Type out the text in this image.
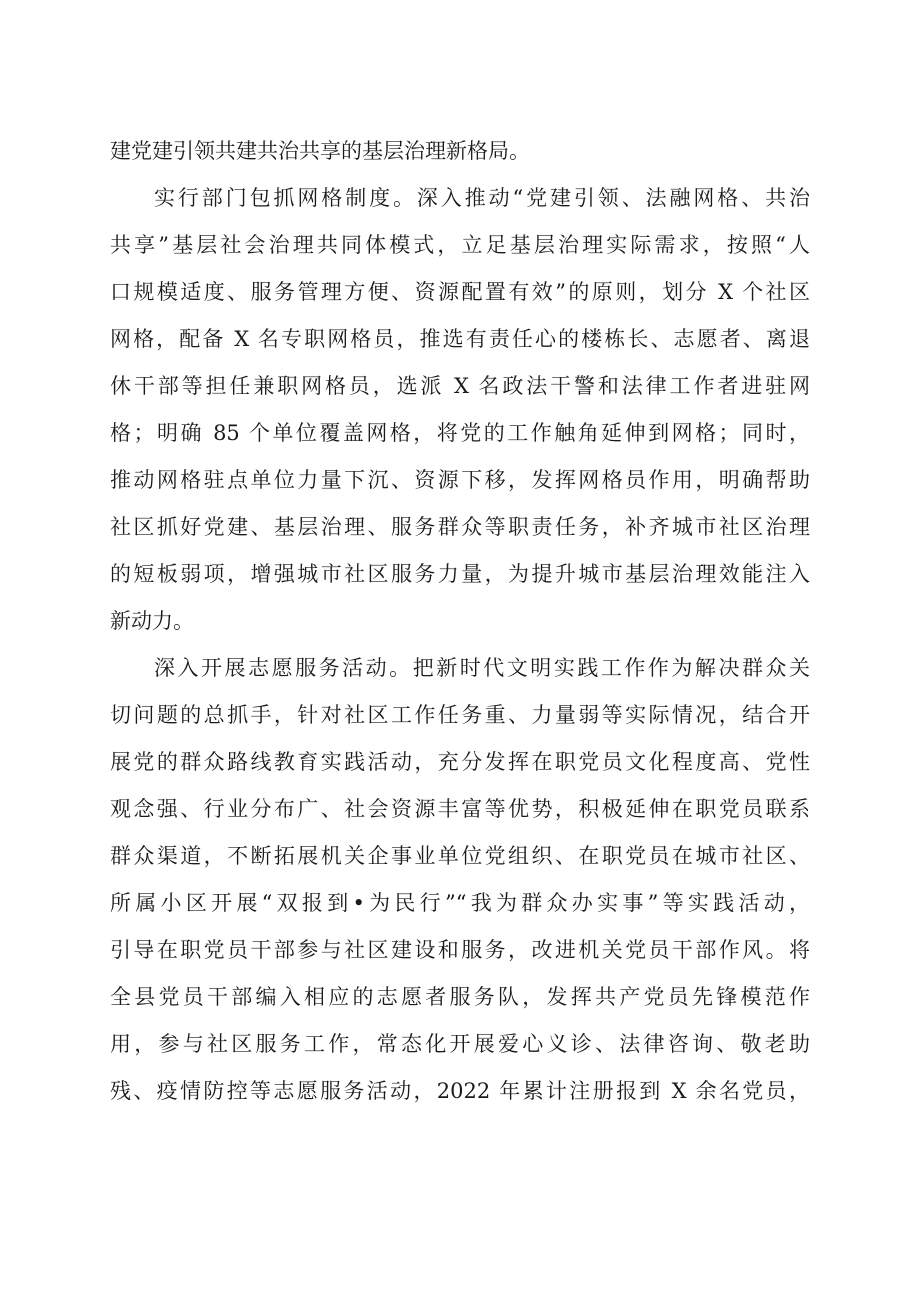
建党建引领共建共治共享的基层治理新格局。
实行部门包抓网格制度。深入推动“党建引领、法融网格、共治
共享”基层社会治理共同体模式，立足基层治理实际需求，按照“人
口规模适度、服务管理方便、资源配置有效”的原则，划分 X 个社区
网格，配备 X 名专职网格员，推选有责任心的楼栋长、志愿者、离退
休干部等担任兼职网格员，选派 X 名政法干警和法律工作者进驻网
格；明确 85 个单位覆盖网格，将党的工作触角延伸到网格；同时，
推动网格驻点单位力量下沉、资源下移，发挥网格员作用，明确帮助
社区抓好党建、基层治理、服务群众等职责任务，补齐城市社区治理
的短板弱项，增强城市社区服务力量，为提升城市基层治理效能注入
新动力。
深入开展志愿服务活动。把新时代文明实践工作作为解决群众关
切问题的总抓手，针对社区工作任务重、力量弱等实际情况，结合开
展党的群众路线教育实践活动，充分发挥在职党员文化程度高、党性
观念强、行业分布广、社会资源丰富等优势，积极延伸在职党员联系
群众渠道，不断拓展机关企事业单位党组织、在职党员在城市社区、
所属小区开展“双报到•为民行”“我为群众办实事”等实践活动，
引导在职党员干部参与社区建设和服务，改进机关党员干部作风。将
全县党员干部编入相应的志愿者服务队，发挥共产党员先锋模范作
用，参与社区服务工作，常态化开展爱心义诊、法律咨询、敬老助
残、疫情防控等志愿服务活动，2022 年累计注册报到 X 余名党员，
